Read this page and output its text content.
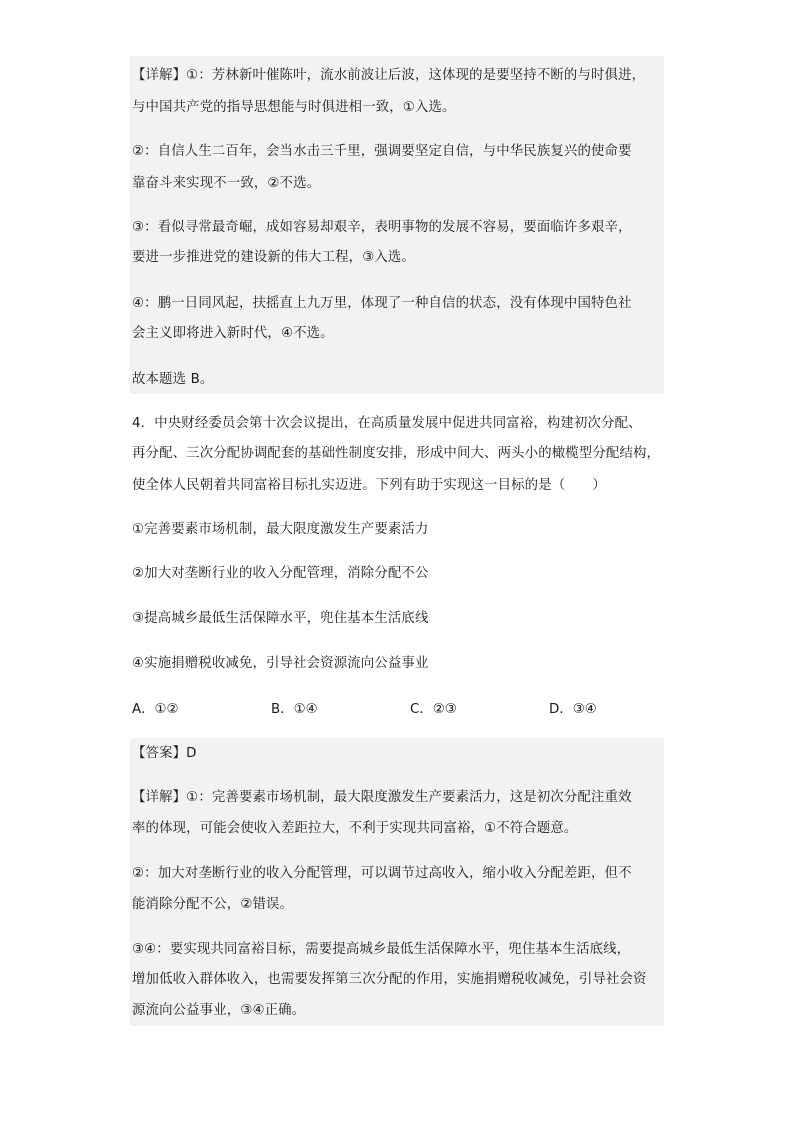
【详解】①：芳林新叶催陈叶，流水前波让后波，这体现的是要坚持不断的与时俱进，
与中国共产党的指导思想能与时俱进相一致，①入选。
②：自信人生二百年，会当水击三千里，强调要坚定自信，与中华民族复兴的使命要
靠奋斗来实现不一致，②不选。
③：看似寻常最奇崛，成如容易却艰辛，表明事物的发展不容易，要面临许多艰辛，
要进一步推进党的建设新的伟大工程，③入选。
④：鹏一日同风起，扶摇直上九万里，体现了一种自信的状态，没有体现中国特色社
会主义即将进入新时代，④不选。
故本题选 B。
4．中央财经委员会第十次会议提出，在高质量发展中促进共同富裕，构建初次分配、
再分配、三次分配协调配套的基础性制度安排，形成中间大、两头小的橄榄型分配结构，
使全体人民朝着共同富裕目标扎实迈进。下列有助于实现这一目标的是（　　）
①完善要素市场机制，最大限度激发生产要素活力
②加大对垄断行业的收入分配管理，消除分配不公
③提高城乡最低生活保障水平，兜住基本生活底线
④实施捐赠税收减免，引导社会资源流向公益事业
A．①②	B．①④	C．②③	D．③④
【答案】D
【详解】①：完善要素市场机制，最大限度激发生产要素活力，这是初次分配注重效
率的体现，可能会使收入差距拉大，不利于实现共同富裕，①不符合题意。
②：加大对垄断行业的收入分配管理，可以调节过高收入，缩小收入分配差距，但不
能消除分配不公，②错误。
③④：要实现共同富裕目标，需要提高城乡最低生活保障水平，兜住基本生活底线，
增加低收入群体收入，也需要发挥第三次分配的作用，实施捐赠税收减免，引导社会资
源流向公益事业，③④正确。
